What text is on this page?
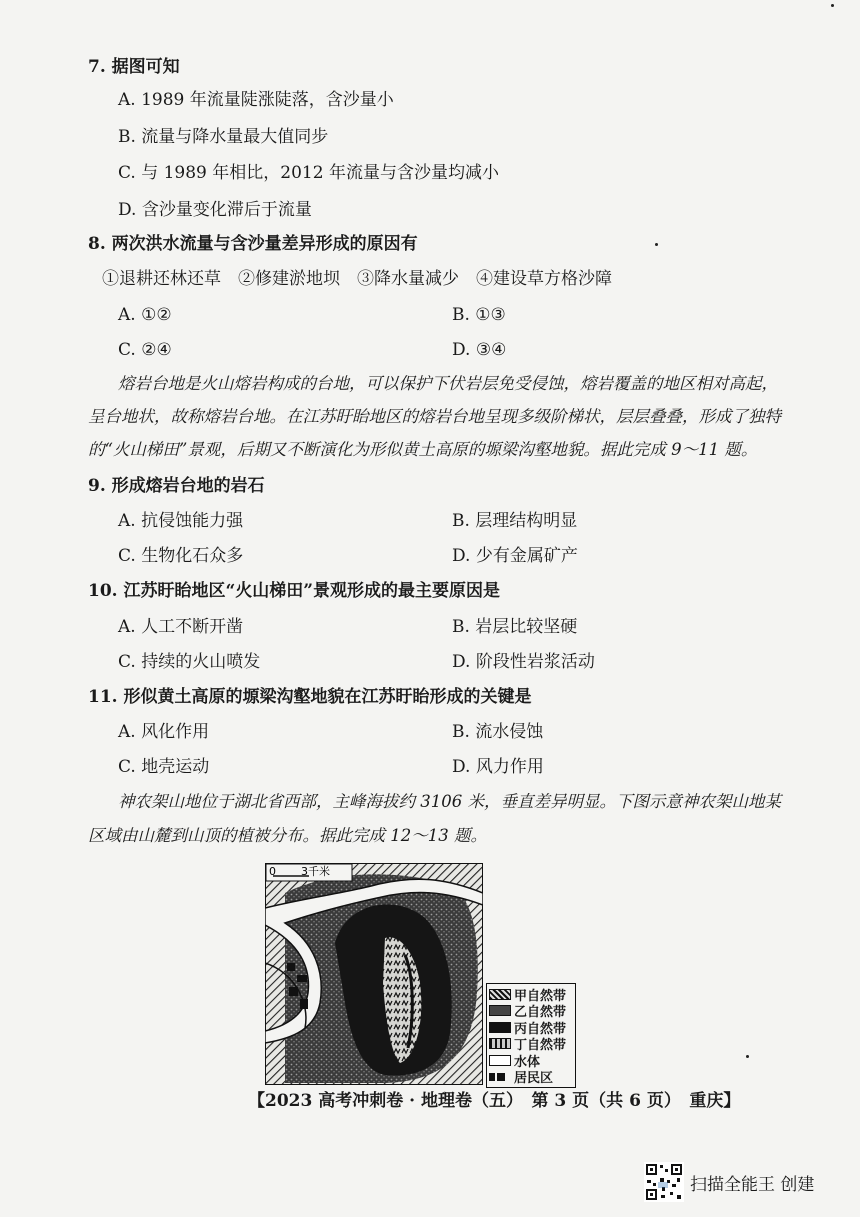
7. 据图可知
A. 1989 年流量陡涨陡落，含沙量小
B. 流量与降水量最大值同步
C. 与 1989 年相比，2012 年流量与含沙量均减小
D. 含沙量变化滞后于流量
8. 两次洪水流量与含沙量差异形成的原因有
①退耕还林还草　②修建淤地坝　③降水量减少　④建设草方格沙障
A. ①②	B. ①③
C. ②④	D. ③④
熔岩台地是火山熔岩构成的台地，可以保护下伏岩层免受侵蚀，熔岩覆盖的地区相对高起，
呈台地状，故称熔岩台地。在江苏盱眙地区的熔岩台地呈现多级阶梯状，层层叠叠，形成了独特
的“火山梯田”景观，后期又不断演化为形似黄土高原的塬梁沟壑地貌。据此完成 9～11 题。
9. 形成熔岩台地的岩石
A. 抗侵蚀能力强	B. 层理结构明显
C. 生物化石众多	D. 少有金属矿产
10. 江苏盱眙地区“火山梯田”景观形成的最主要原因是
A. 人工不断开凿	B. 岩层比较坚硬
C. 持续的火山喷发	D. 阶段性岩浆活动
11. 形似黄土高原的塬梁沟壑地貌在江苏盱眙形成的关键是
A. 风化作用	B. 流水侵蚀
C. 地壳运动	D. 风力作用
神农架山地位于湖北省西部，主峰海拔约 3106 米，垂直差异明显。下图示意神农架山地某
区域由山麓到山顶的植被分布。据此完成 12～13 题。
0 3千米
甲自然带
乙自然带
丙自然带
丁自然带
水体
居民区
【2023 高考冲刺卷 · 地理卷（五）　第 3 页（共 6 页）　重庆】
扫描全能王 创建
